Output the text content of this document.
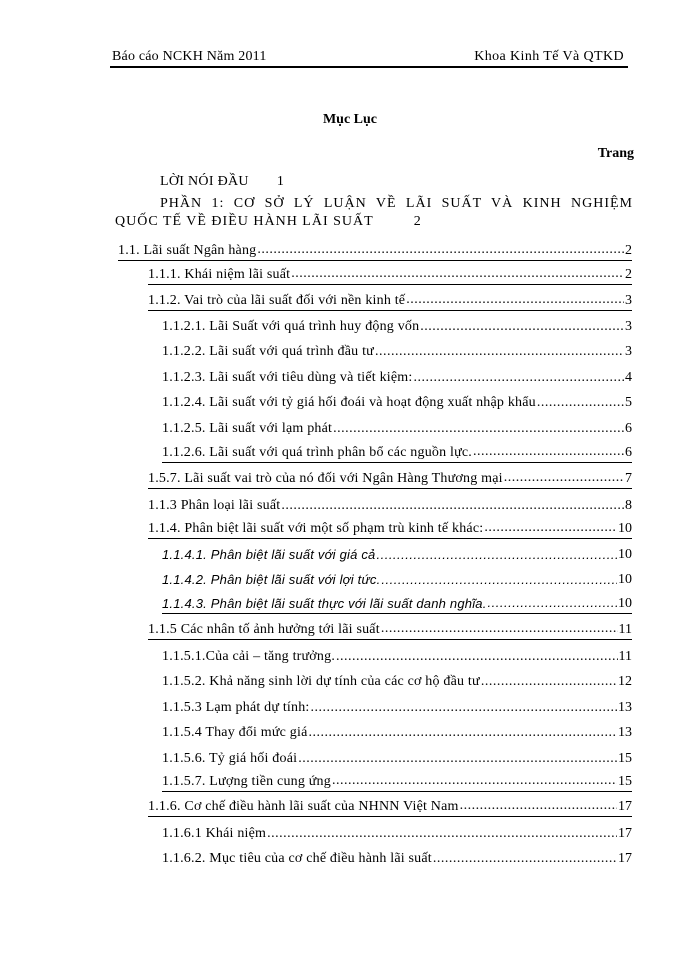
Báo cáo NCKH Năm 2011	Khoa Kinh Tế Và QTKD
Mục Lục
Trang
LỜI NÓI ĐẦU 1
PHẦN 1: CƠ SỞ LÝ LUẬN VỀ LÃI SUẤT VÀ KINH NGHIỆM
QUỐC TẾ VỀ ĐIỀU HÀNH LÃI SUẤT	2
1.1. Lãi suất Ngân hàng .....	2
1.1.1. Khái niệm lãi suất .....	2
1.1.2. Vai trò của lãi suất đối với nền kinh tế .....	3
1.1.2.1. Lãi Suất với quá trình huy động vốn .....	3
1.1.2.2. Lãi suất với quá trình đầu tư .....	3
1.1.2.3. Lãi suất với tiêu dùng và tiết kiệm: .....	4
1.1.2.4. Lãi suất với tỷ giá hối đoái và hoạt động xuất nhập khẩu .....	5
1.1.2.5. Lãi suất với lạm phát .....	6
1.1.2.6. Lãi suất với quá trình phân bổ các nguồn lực. .....	6
1.5.7. Lãi suất vai trò của nó đối với Ngân Hàng Thương mại .....	7
1.1.3 Phân loại lãi suất .....	8
1.1.4. Phân biệt lãi suất với một số phạm trù kinh tế khác: .....	10
1.1.4.1. Phân biệt lãi suất với giá cả .....	10
1.1.4.2. Phân biệt lãi suất với lợi tức. .....	10
1.1.4.3. Phân biệt lãi suất thực với lãi suất danh nghĩa. .....	10
1.1.5 Các nhân tố ảnh hưởng tới lãi suất .....	11
1.1.5.1.Của cải – tăng trưởng. .....	11
1.1.5.2. Khả năng sinh lời dự tính của các cơ hộ đầu tư .....	12
1.1.5.3 Lạm phát dự tính: .....	13
1.1.5.4 Thay đổi mức giá .....	13
1.1.5.6. Tỷ giá hối đoái .....	15
1.1.5.7. Lượng tiền cung ứng .....	15
1.1.6. Cơ chế điều hành lãi suất của NHNN Việt Nam .....	17
1.1.6.1 Khái niệm .....	17
1.1.6.2. Mục tiêu của cơ chế điều hành lãi suất .....	17
